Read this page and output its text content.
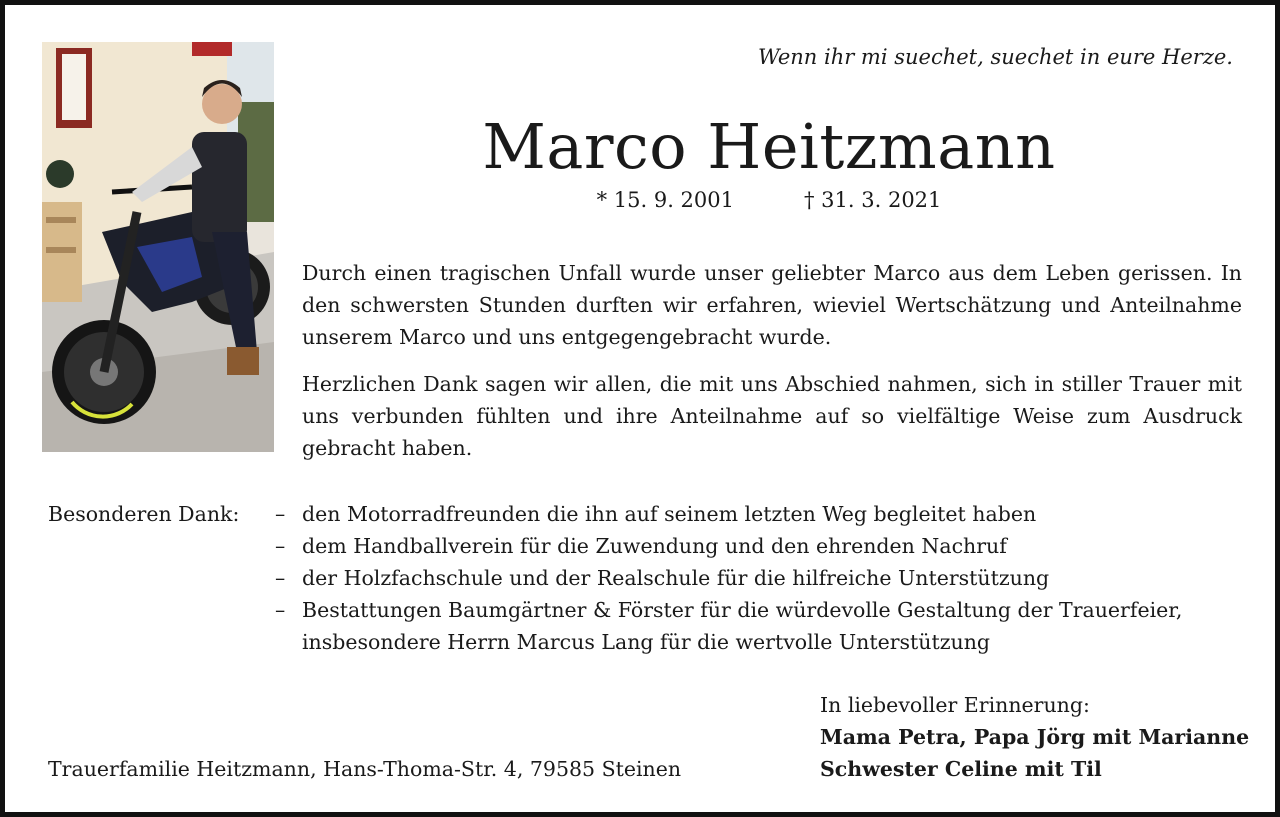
Wenn ihr mi suechet, suechet in eure Herze.
Marco Heitzmann
* 15. 9. 2001	† 31. 3. 2021

Durch einen tragischen Unfall wurde unser geliebter Marco aus dem Leben gerissen. In den schwersten Stunden durften wir erfahren, wieviel Wertschätzung und Anteilnahme unserem Marco und uns entgegengebracht wurde.

Herzlichen Dank sagen wir allen, die mit uns Abschied nahmen, sich in stiller Trauer mit uns verbunden fühlten und ihre Anteilnahme auf so vielfältige Weise zum Ausdruck gebracht haben.

Besonderen Dank: – den Motorradfreunden die ihn auf seinem letzten Weg begleitet haben
– dem Handballverein für die Zuwendung und den ehrenden Nachruf
– der Holzfachschule und der Realschule für die hilfreiche Unterstützung
– Bestattungen Baumgärtner & Förster für die würdevolle Gestaltung der Trauerfeier,
insbesondere Herrn Marcus Lang für die wertvolle Unterstützung
In liebevoller Erinnerung:
Mama Petra, Papa Jörg mit Marianne
Schwester Celine mit Til
Trauerfamilie Heitzmann, Hans-Thoma-Str. 4, 79585 Steinen
